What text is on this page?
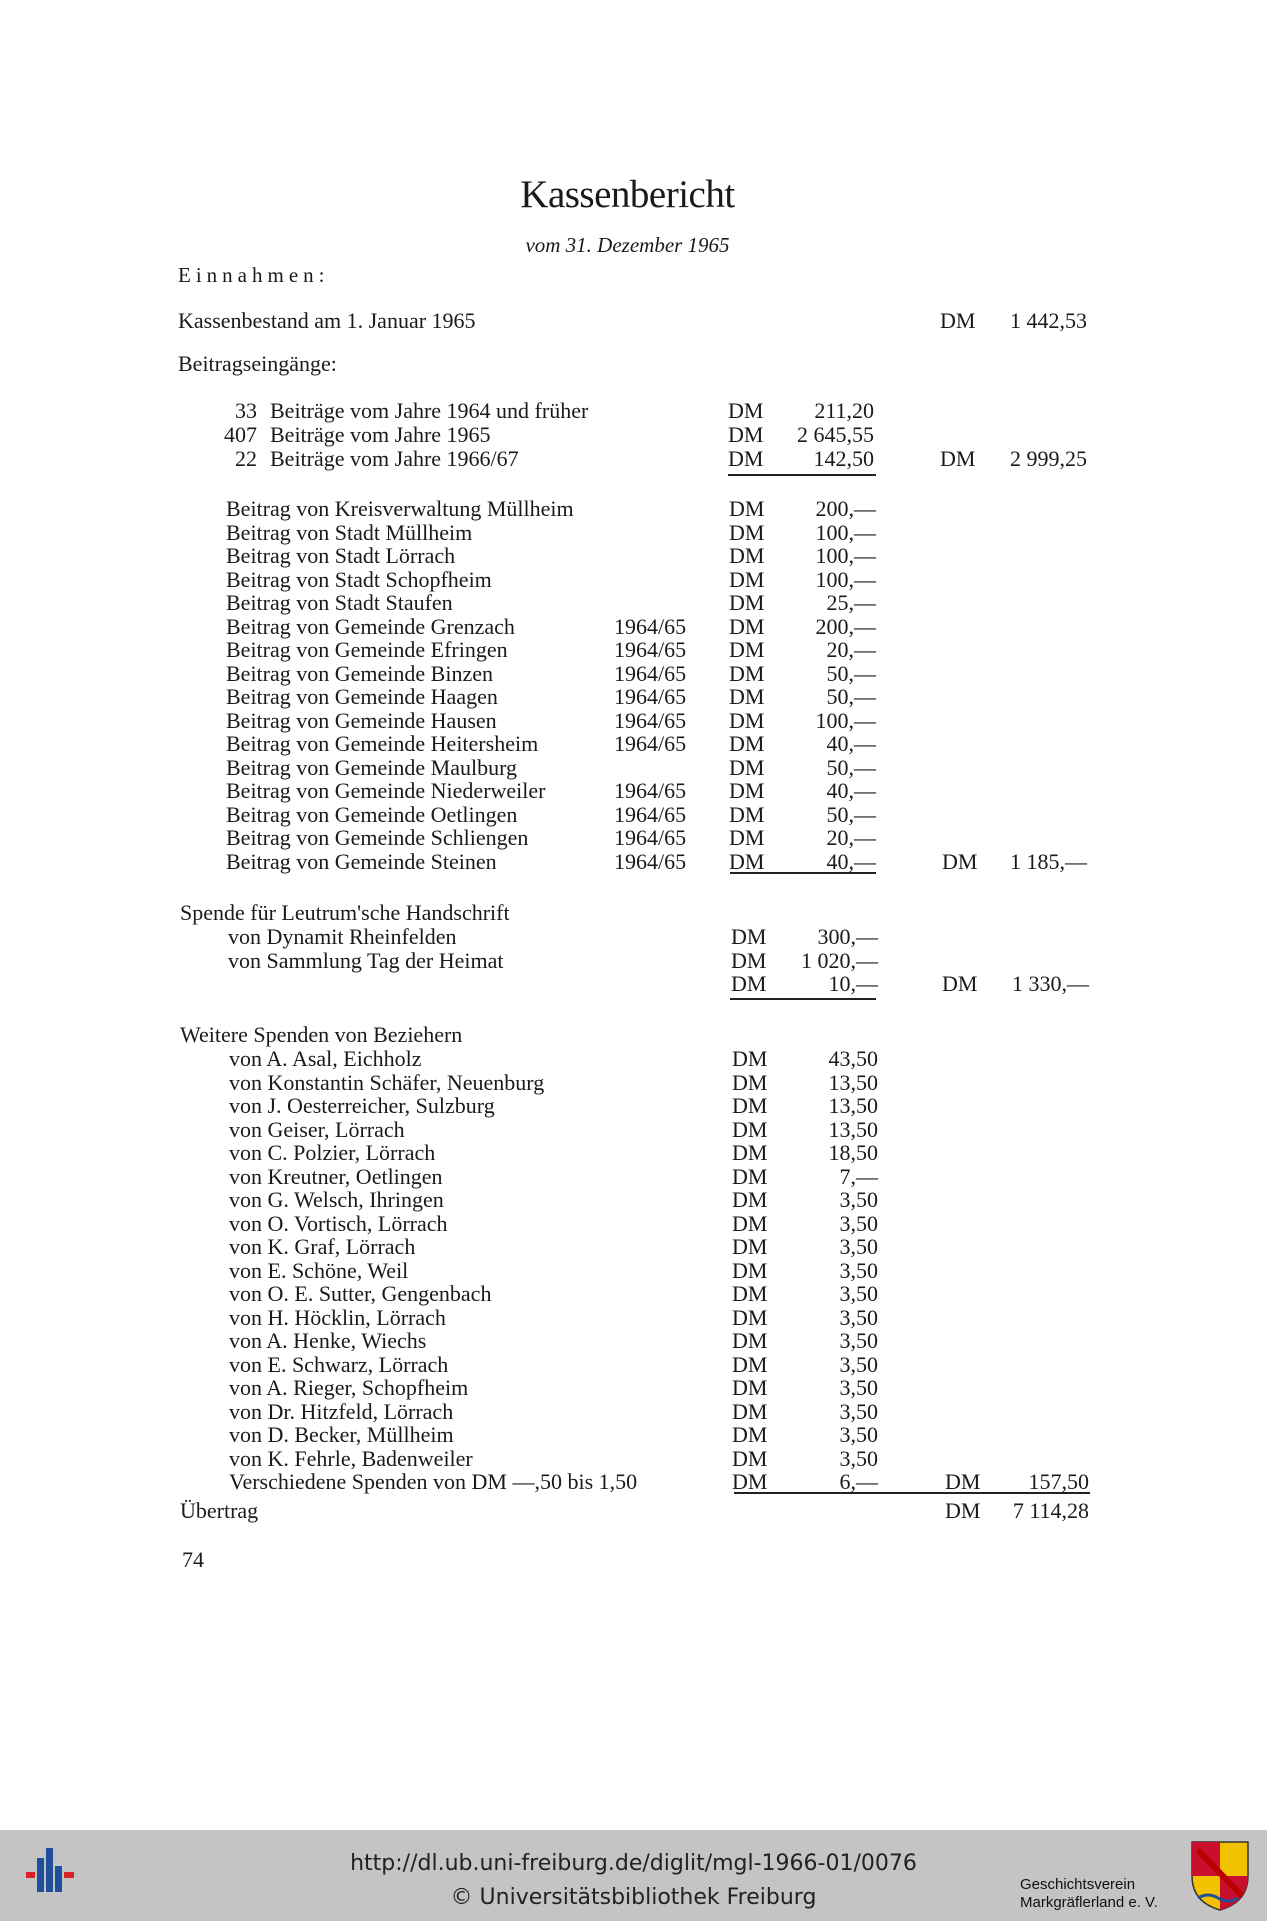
Kassenbericht
vom 31. Dezember 1965
Einnahmen:
Kassenbestand am 1. Januar 1965	DM 1 442,53
Beitragseingänge:
33 Beiträge vom Jahre 1964 und früher	DM 211,20
407 Beiträge vom Jahre 1965	DM 2 645,55
22 Beiträge vom Jahre 1966/67	DM 142,50	DM 2 999,25
Beitrag von Kreisverwaltung Müllheim	DM 200,—
Beitrag von Stadt Müllheim	DM 100,—
Beitrag von Stadt Lörrach	DM 100,—
Beitrag von Stadt Schopfheim	DM 100,—
Beitrag von Stadt Staufen	DM	25,—
Beitrag von Gemeinde Grenzach	1964/65 DM 200,—
Beitrag von Gemeinde Efringen	1964/65 DM	20,—
Beitrag von Gemeinde Binzen	1964/65 DM	50,—
Beitrag von Gemeinde Haagen	1964/65 DM	50,—
Beitrag von Gemeinde Hausen	1964/65 DM 100,—
Beitrag von Gemeinde Heitersheim	1964/65 DM	40,—
Beitrag von Gemeinde Maulburg	DM	50,—
Beitrag von Gemeinde Niederweiler	1964/65 DM	40,—
Beitrag von Gemeinde Oetlingen	1964/65 DM	50,—
Beitrag von Gemeinde Schliengen	1964/65 DM	20,—
Beitrag von Gemeinde Steinen	1964/65 DM	40,—	DM 1 185,—
Spende für Leutrum'sche Handschrift
von Dynamit Rheinfelden	DM 300,—
von Sammlung Tag der Heimat	DM 1 020,—
DM	10,—	DM 1 330,—
Weitere Spenden von Beziehern
von A. Asal, Eichholz	DM	43,50
von Konstantin Schäfer, Neuenburg	DM	13,50
von J. Oesterreicher, Sulzburg	DM	13,50
von Geiser, Lörrach	DM	13,50
von C. Polzier, Lörrach	DM	18,50
von Kreutner, Oetlingen	DM	7,—
von G. Welsch, Ihringen	DM	3,50
von O. Vortisch, Lörrach	DM	3,50
von K. Graf, Lörrach	DM	3,50
von E. Schöne, Weil	DM	3,50
von O. E. Sutter, Gengenbach	DM	3,50
von H. Höcklin, Lörrach	DM	3,50
von A. Henke, Wiechs	DM	3,50
von E. Schwarz, Lörrach	DM	3,50
von A. Rieger, Schopfheim	DM	3,50
von Dr. Hitzfeld, Lörrach	DM	3,50
von D. Becker, Müllheim	DM	3,50
von K. Fehrle, Badenweiler	DM	3,50
Verschiedene Spenden von DM —,50 bis 1,50	DM	6,—	DM 157,50
Übertrag	DM 7 114,28
74
http://dl.ub.uni-freiburg.de/diglit/mgl-1966-01/0076
© Universitätsbibliothek Freiburg
Geschichtsverein
Markgräflerland e. V.
